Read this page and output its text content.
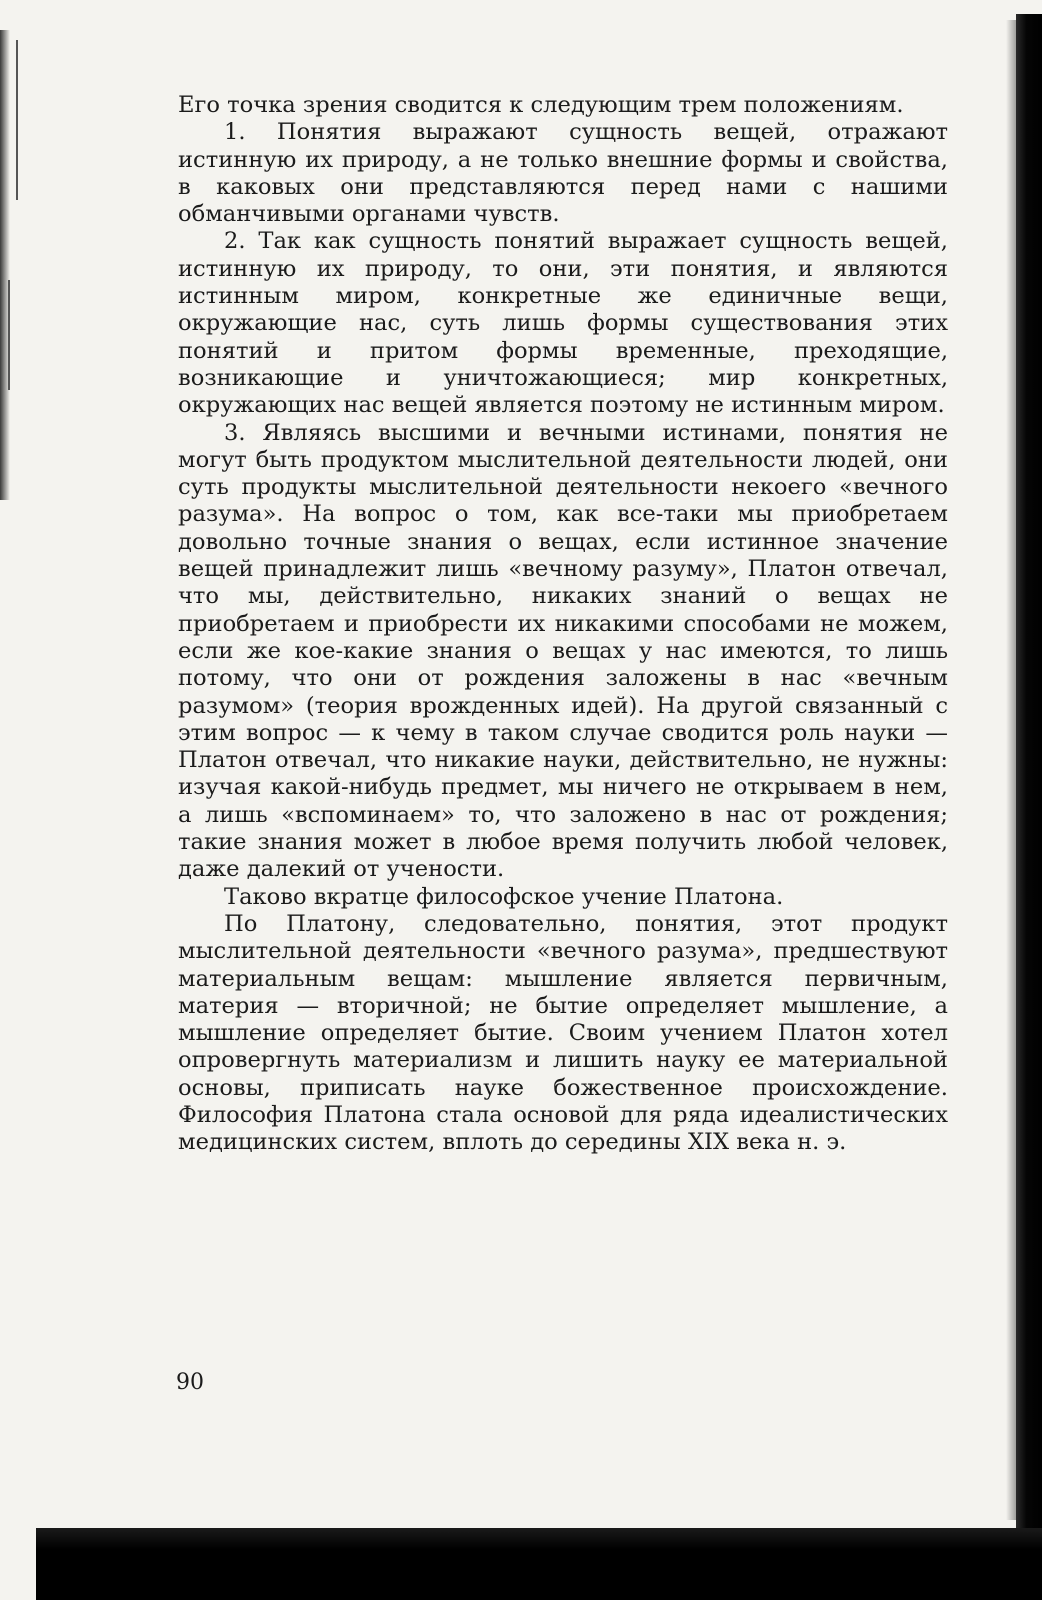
Его точка зрения сводится к следующим трем положениям.

1. Понятия выражают сущность вещей, отражают истинную их природу, а не только внешние формы и свойства, в каковых они представляются перед нами с нашими обманчивыми органами чувств.

2. Так как сущность понятий выражает сущность вещей, истинную их природу, то они, эти понятия, и являются истинным миром, конкретные же единичные вещи, окружающие нас, суть лишь формы существования этих понятий и притом формы временные, преходящие, возникающие и уничтожающиеся; мир конкретных, окружающих нас вещей является поэтому не истинным миром.

3. Являясь высшими и вечными истинами, понятия не могут быть продуктом мыслительной деятельности людей, они суть продукты мыслительной деятельности некоего «вечного разума». На вопрос о том, как все-таки мы приобретаем довольно точные знания о вещах, если истинное значение вещей принадлежит лишь «вечному разуму», Платон отвечал, что мы, действительно, никаких знаний о вещах не приобретаем и приобрести их никакими способами не можем, если же кое-какие знания о вещах у нас имеются, то лишь потому, что они от рождения заложены в нас «вечным разумом» (теория врожденных идей). На другой связанный с этим вопрос — к чему в таком случае сводится роль науки — Платон отвечал, что никакие науки, действительно, не нужны: изучая какой-нибудь предмет, мы ничего не открываем в нем, а лишь «вспоминаем» то, что заложено в нас от рождения; такие знания может в любое время получить любой человек, даже далекий от учености.

Таково вкратце философское учение Платона.

По Платону, следовательно, понятия, этот продукт мыслительной деятельности «вечного разума», предшествуют материальным вещам: мышление является первичным, материя — вторичной; не бытие определяет мышление, а мышление определяет бытие. Своим учением Платон хотел опровергнуть материализм и лишить науку ее материальной основы, приписать науке божественное происхождение. Философия Платона стала основой для ряда идеалистических медицинских систем, вплоть до середины XIX века н. э.

90
